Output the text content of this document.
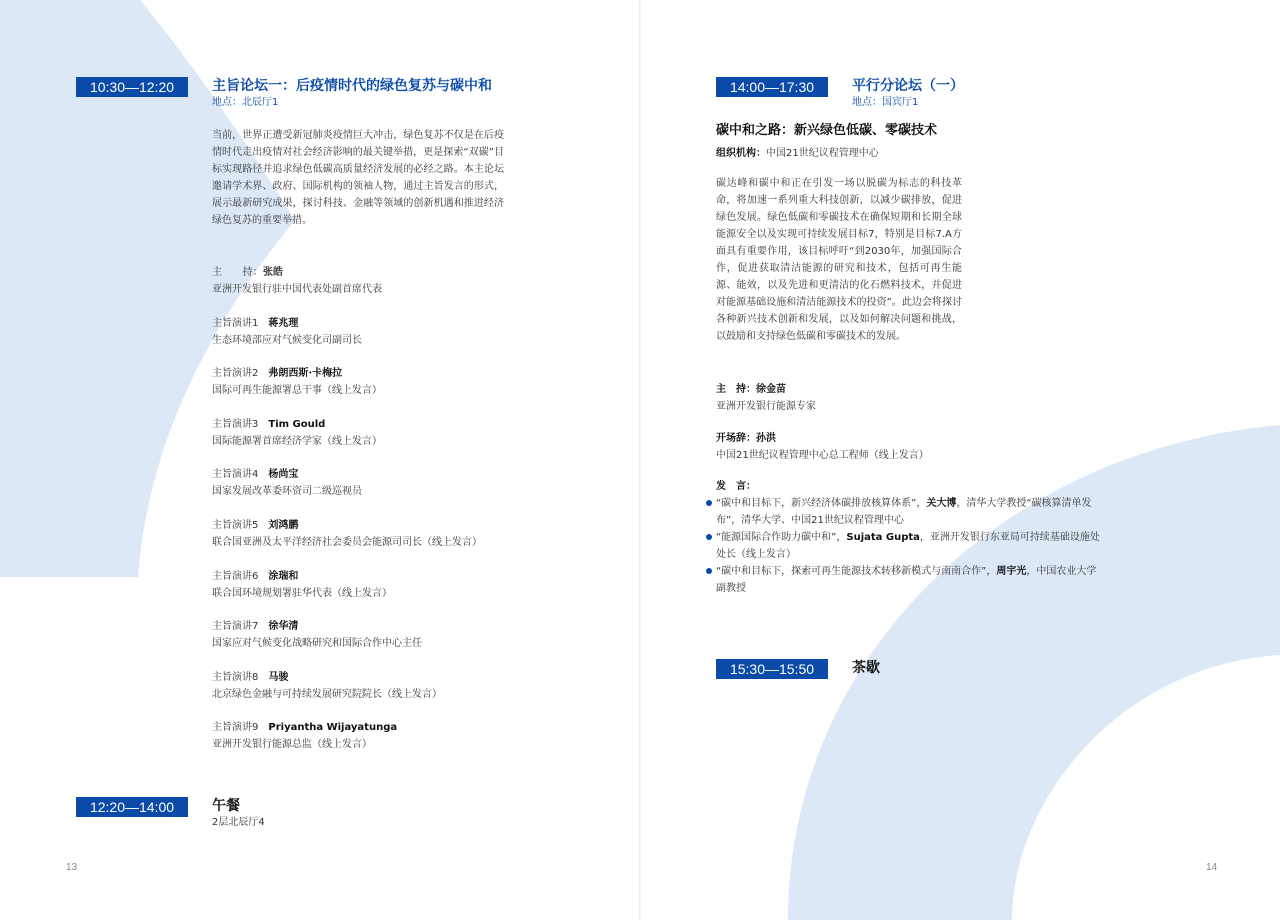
10:30—12:20	主旨论坛一：后疫情时代的绿色复苏与碳中和
地点：北辰厅1
当前，世界正遭受新冠肺炎疫情巨大冲击，绿色复苏不仅是在后疫情时代走出疫情对社会经济影响的最关键举措，更是探索“双碳”目标实现路径并追求绿色低碳高质量经济发展的必经之路。本主论坛邀请学术界、政府、国际机构的领袖人物，通过主旨发言的形式，展示最新研究成果，探讨科技、金融等领域的创新机遇和推进经济绿色复苏的重要举措。
主　　持：张皓
亚洲开发银行驻中国代表处副首席代表
主旨演讲1 蒋兆理
生态环境部应对气候变化司副司长
主旨演讲2 弗朗西斯·卡梅拉
国际可再生能源署总干事（线上发言）
主旨演讲3 Tim Gould
国际能源署首席经济学家（线上发言）
主旨演讲4 杨尚宝
国家发展改革委环资司二级巡视员
主旨演讲5 刘鸿鹏
联合国亚洲及太平洋经济社会委员会能源司司长（线上发言）
主旨演讲6 涂瑞和
联合国环境规划署驻华代表（线上发言）
主旨演讲7 徐华清
国家应对气候变化战略研究和国际合作中心主任
主旨演讲8 马骏
北京绿色金融与可持续发展研究院院长（线上发言）
主旨演讲9 Priyantha Wijayatunga
亚洲开发银行能源总监（线上发言）
12:20—14:00	午餐
2层北辰厅4
13
14:00—17:30	平行分论坛（一）
地点：国宾厅1
碳中和之路：新兴绿色低碳、零碳技术
组织机构：中国21世纪议程管理中心
碳达峰和碳中和正在引发一场以脱碳为标志的科技革命，将加速一系列重大科技创新，以减少碳排放，促进绿色发展。绿色低碳和零碳技术在确保短期和长期全球能源安全以及实现可持续发展目标7，特别是目标7.A方面具有重要作用，该目标呼吁“到2030年，加强国际合作，促进获取清洁能源的研究和技术，包括可再生能源、能效，以及先进和更清洁的化石燃料技术，并促进对能源基础设施和清洁能源技术的投资”。此边会将探讨各种新兴技术创新和发展，以及如何解决问题和挑战，以鼓励和支持绿色低碳和零碳技术的发展。
主　持：徐金苗
亚洲开发银行能源专家
开场辞：孙洪
中国21世纪议程管理中心总工程师（线上发言）
发　言：
“碳中和目标下，新兴经济体碳排放核算体系”，关大博，清华大学教授“碳核算清单发布”，清华大学、中国21世纪议程管理中心
“能源国际合作助力碳中和”，Sujata Gupta，亚洲开发银行东亚局可持续基础设施处处长（线上发言）
“碳中和目标下，探索可再生能源技术转移新模式与南南合作”，周宇光，中国农业大学副教授
15:30—15:50	茶歇
14
